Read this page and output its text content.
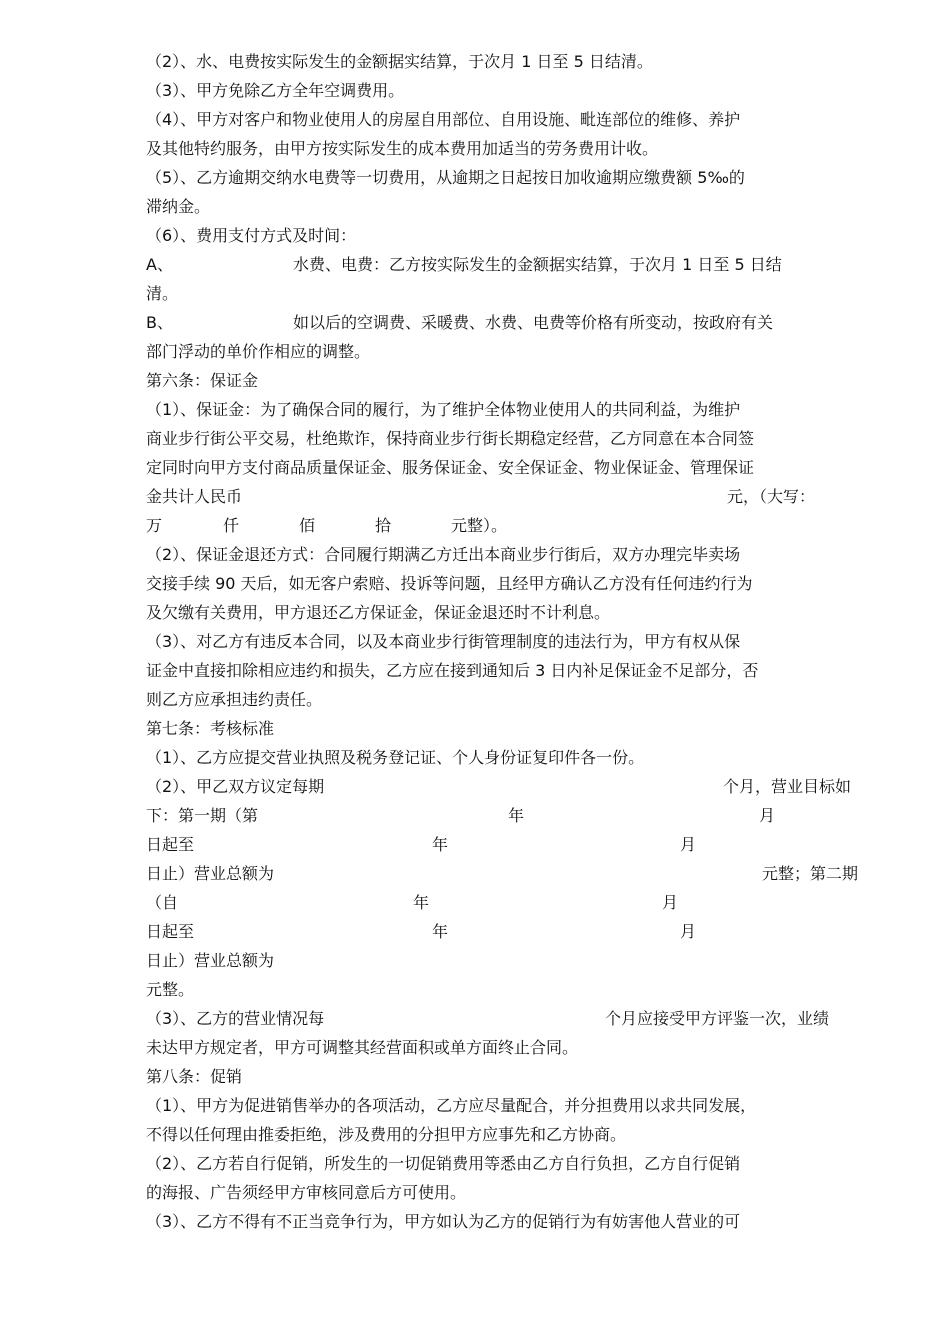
（2）、水、电费按实际发生的金额据实结算，于次月 1 日至 5 日结清。
（3）、甲方免除乙方全年空调费用。
（4）、甲方对客户和物业使用人的房屋自用部位、自用设施、毗连部位的维修、养护
及其他特约服务，由甲方按实际发生的成本费用加适当的劳务费用计收。
（5）、乙方逾期交纳水电费等一切费用，从逾期之日起按日加收逾期应缴费额 5‰的
滞纳金。
（6）、费用支付方式及时间：
A、	水费、电费：乙方按实际发生的金额据实结算，于次月 1 日至 5 日结
清。
B、	如以后的空调费、采暖费、水费、电费等价格有所变动，按政府有关
部门浮动的单价作相应的调整。
第六条：保证金
（1）、保证金：为了确保合同的履行，为了维护全体物业使用人的共同利益，为维护
商业步行街公平交易，杜绝欺诈，保持商业步行街长期稳定经营，乙方同意在本合同签
定同时向甲方支付商品质量保证金、服务保证金、安全保证金、物业保证金、管理保证
金共计人民币	元，（大写：
万	仟	佰	拾	元整）。
（2）、保证金退还方式：合同履行期满乙方迁出本商业步行街后，双方办理完毕卖场
交接手续 90 天后，如无客户索赔、投诉等问题，且经甲方确认乙方没有任何违约行为
及欠缴有关费用，甲方退还乙方保证金，保证金退还时不计利息。
（3）、对乙方有违反本合同，以及本商业步行街管理制度的违法行为，甲方有权从保
证金中直接扣除相应违约和损失，乙方应在接到通知后 3 日内补足保证金不足部分，否
则乙方应承担违约责任。
第七条：考核标准
（1）、乙方应提交营业执照及税务登记证、个人身份证复印件各一份。
（2）、甲乙双方议定每期	个月，营业目标如
下：第一期（第	年	月
日起至	年	月
日止）营业总额为	元整；第二期
（自	年	月
日起至	年	月
日止）营业总额为
元整。
（3）、乙方的营业情况每	个月应接受甲方评鉴一次，业绩
未达甲方规定者，甲方可调整其经营面积或单方面终止合同。
第八条：促销
（1）、甲方为促进销售举办的各项活动，乙方应尽量配合，并分担费用以求共同发展，
不得以任何理由推委拒绝，涉及费用的分担甲方应事先和乙方协商。
（2）、乙方若自行促销，所发生的一切促销费用等悉由乙方自行负担，乙方自行促销
的海报、广告须经甲方审核同意后方可使用。
（3）、乙方不得有不正当竞争行为，甲方如认为乙方的促销行为有妨害他人营业的可
